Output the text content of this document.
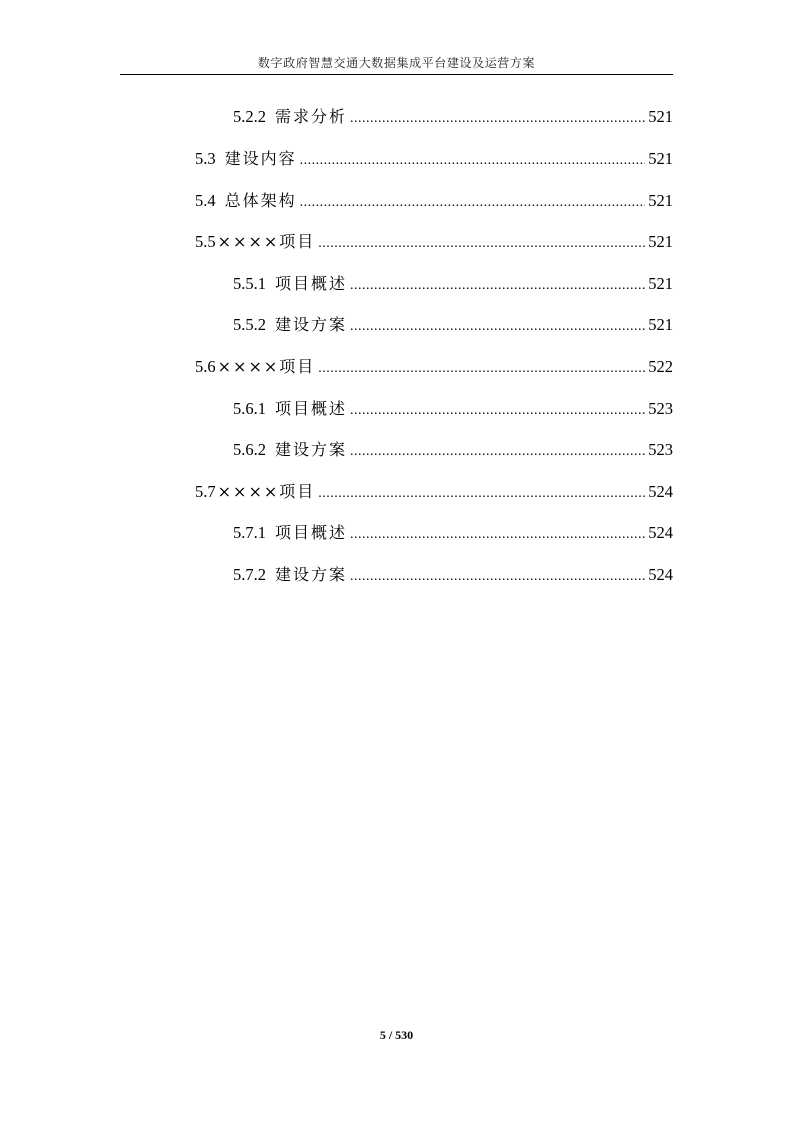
数字政府智慧交通大数据集成平台建设及运营方案
5.2.2 需求分析 .....	521
5.3 建设内容 .....	521
5.4 总体架构 .....	521
5.5 ××××项目 .....	521
5.5.1 项目概述 .....	521
5.5.2 建设方案 .....	521
5.6 ××××项目 .....	522
5.6.1 项目概述 .....	523
5.6.2 建设方案 .....	523
5.7 ××××项目 .....	524
5.7.1 项目概述 .....	524
5.7.2 建设方案 .....	524
5 / 530
